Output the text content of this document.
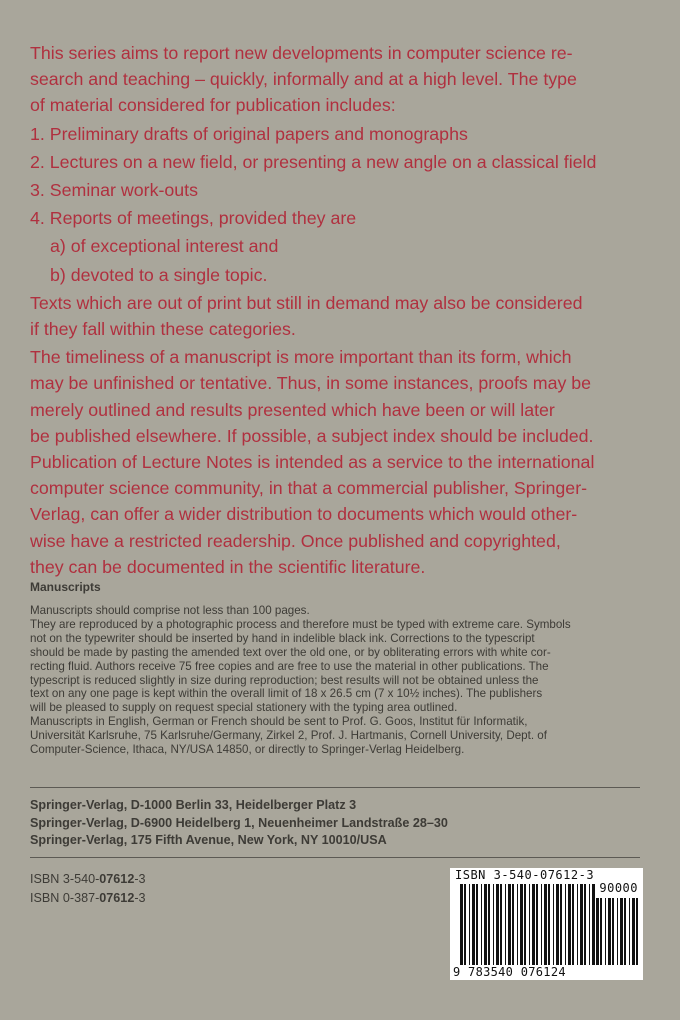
This series aims to report new developments in computer science re-

search and teaching – quickly, informally and at a high level. The type

of material considered for publication includes:

1. Preliminary drafts of original papers and monographs

2. Lectures on a new field, or presenting a new angle on a classical field

3. Seminar work-outs

4. Reports of meetings, provided they are

a) of exceptional interest and

b) devoted to a single topic.

Texts which are out of print but still in demand may also be considered

if they fall within these categories.

The timeliness of a manuscript is more important than its form, which

may be unfinished or tentative. Thus, in some instances, proofs may be

merely outlined and results presented which have been or will later

be published elsewhere. If possible, a subject index should be included.

Publication of Lecture Notes is intended as a service to the international

computer science community, in that a commercial publisher, Springer-

Verlag, can offer a wider distribution to documents which would other-

wise have a restricted readership. Once published and copyrighted,

they can be documented in the scientific literature.

Manuscripts

Manuscripts should comprise not less than 100 pages.

They are reproduced by a photographic process and therefore must be typed with extreme care. Symbols

not on the typewriter should be inserted by hand in indelible black ink. Corrections to the typescript

should be made by pasting the amended text over the old one, or by obliterating errors with white cor-

recting fluid. Authors receive 75 free copies and are free to use the material in other publications. The

typescript is reduced slightly in size during reproduction; best results will not be obtained unless the

text on any one page is kept within the overall limit of 18 x 26.5 cm (7 x 10½ inches). The publishers

will be pleased to supply on request special stationery with the typing area outlined.

Manuscripts in English, German or French should be sent to Prof. G. Goos, Institut für Informatik,

Universität Karlsruhe, 75 Karlsruhe/Germany, Zirkel 2, Prof. J. Hartmanis, Cornell University, Dept. of

Computer-Science, Ithaca, NY/USA 14850, or directly to Springer-Verlag Heidelberg.

Springer-Verlag, D-1000 Berlin 33, Heidelberger Platz 3
Springer-Verlag, D-6900 Heidelberg 1, Neuenheimer Landstraße 28–30
Springer-Verlag, 175 Fifth Avenue, New York, NY 10010/USA
ISBN 3-540-07612-3
ISBN 0-387-07612-3
ISBN 3-540-07612-3
90000
9 783540 076124
